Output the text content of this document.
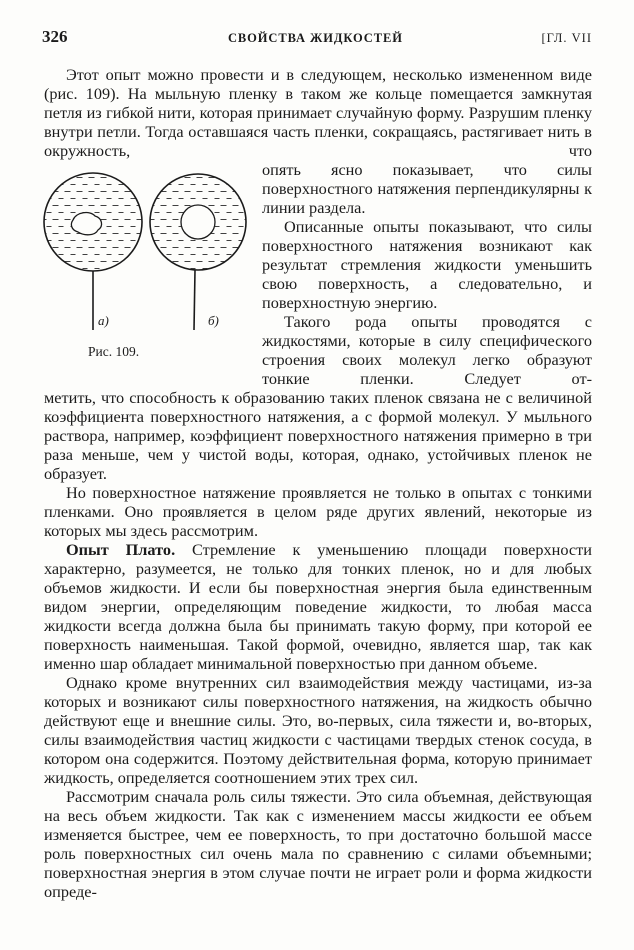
326	СВОЙСТВА ЖИДКОСТЕЙ	[ГЛ. VII

Этот опыт можно провести и в следующем, несколько измененном виде (рис. 109). На мыльную пленку в таком же кольце помещается замкнутая петля из гибкой нити, которая принимает случайную форму. Разрушим пленку внутри петли. Тогда оставшаяся часть пленки, сокращаясь, растягивает нить в окружность, что

а)	б)
Рис. 109.

опять ясно показывает, что силы поверхностного натяжения перпендикулярны к линии раздела.

Описанные опыты показывают, что силы поверхностного натяжения возникают как результат стремления жидкости уменьшить свою поверхность, а следовательно, и поверхностную энергию.

Такого рода опыты проводятся с жидкостями, которые в силу специфического строения своих молекул легко образуют тонкие пленки. Следует от-

метить, что способность к образованию таких пленок связана не с величиной коэффициента поверхностного натяжения, а с формой молекул. У мыльного раствора, например, коэффициент поверхностного натяжения примерно в три раза меньше, чем у чистой воды, которая, однако, устойчивых пленок не образует.

Но поверхностное натяжение проявляется не только в опытах с тонкими пленками. Оно проявляется в целом ряде других явлений, некоторые из которых мы здесь рассмотрим.

Опыт Плато. Стремление к уменьшению площади поверхности характерно, разумеется, не только для тонких пленок, но и для любых объемов жидкости. И если бы поверхностная энергия была единственным видом энергии, определяющим поведение жидкости, то любая масса жидкости всегда должна была бы принимать такую форму, при которой ее поверхность наименьшая. Такой формой, очевидно, является шар, так как именно шар обладает минимальной поверхностью при данном объеме.

Однако кроме внутренних сил взаимодействия между частицами, из-за которых и возникают силы поверхностного натяжения, на жидкость обычно действуют еще и внешние силы. Это, во-первых, сила тяжести и, во-вторых, силы взаимодействия частиц жидкости с частицами твердых стенок сосуда, в котором она содержится. Поэтому действительная форма, которую принимает жидкость, определяется соотношением этих трех сил.

Рассмотрим сначала роль силы тяжести. Это сила объемная, действующая на весь объем жидкости. Так как с изменением массы жидкости ее объем изменяется быстрее, чем ее поверхность, то при достаточно большой массе роль поверхностных сил очень мала по сравнению с силами объемными; поверхностная энергия в этом случае почти не играет роли и форма жидкости опреде-
